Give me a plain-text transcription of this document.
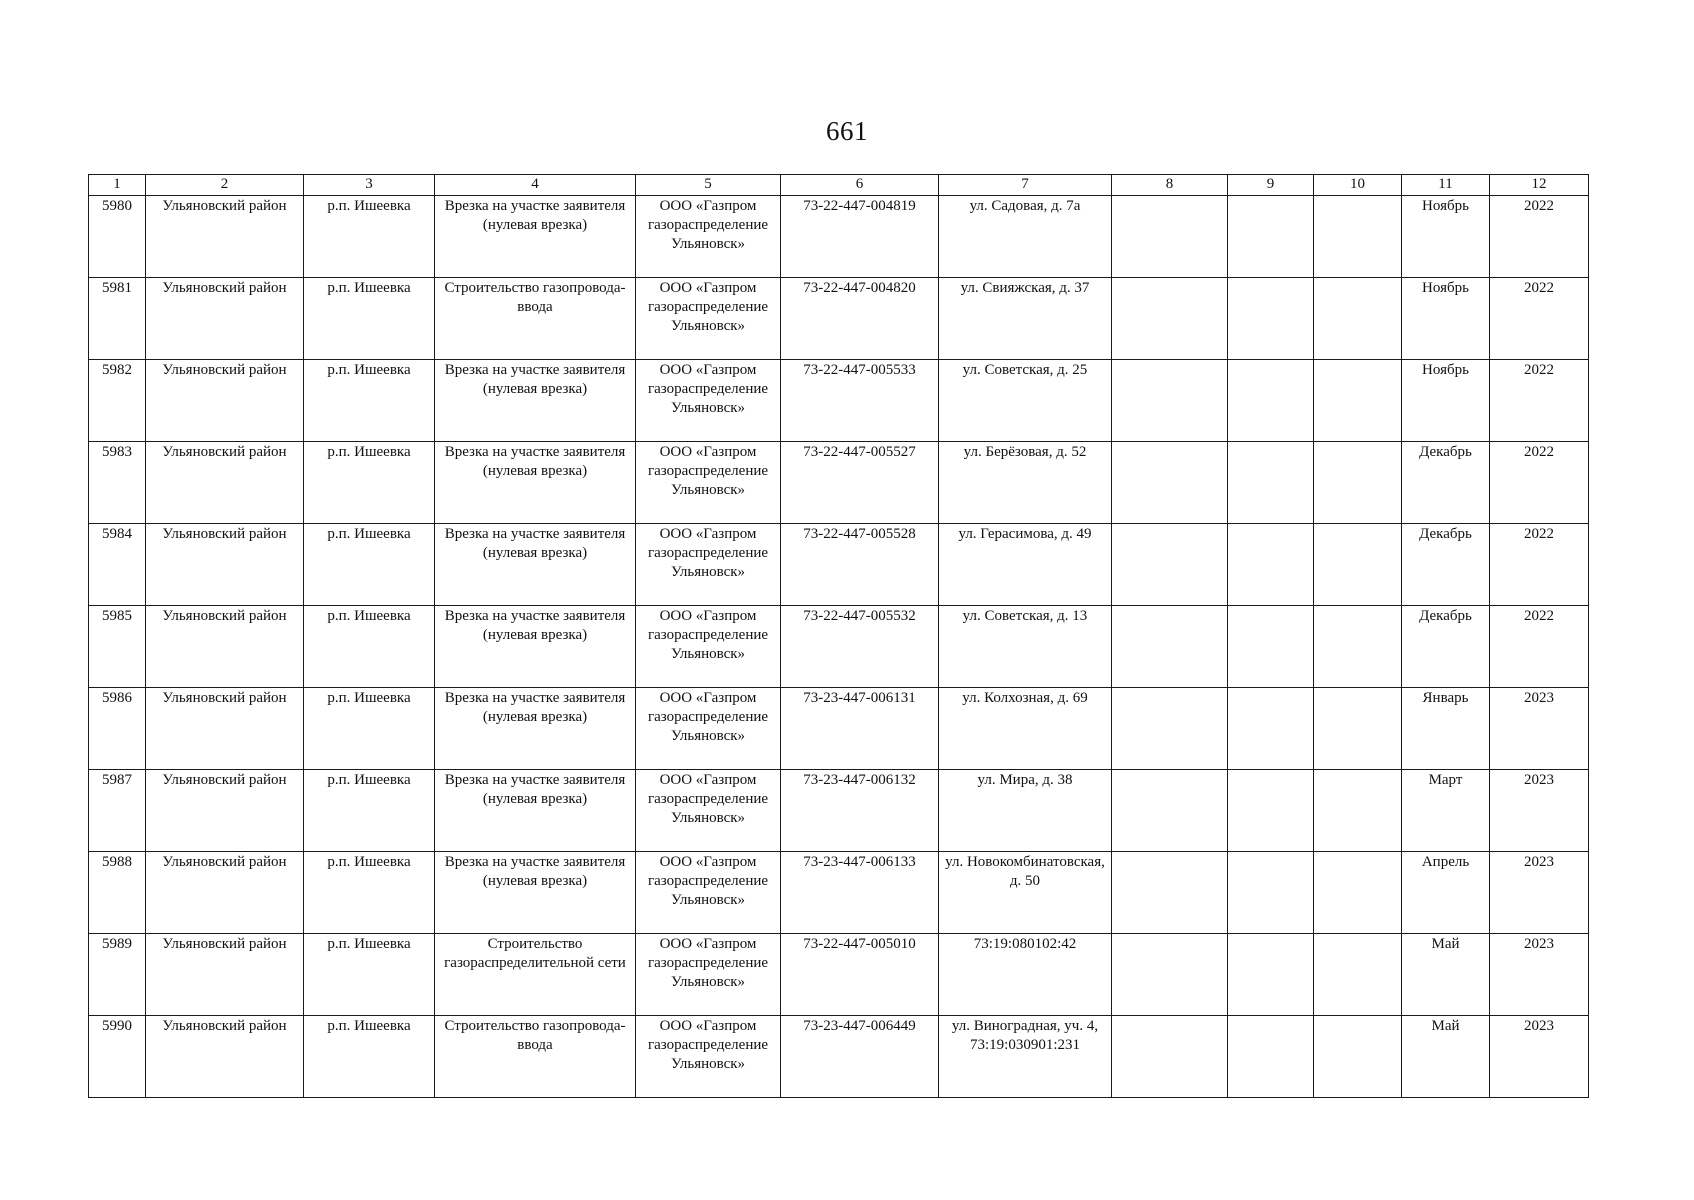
661
1	2	3	4	5	6	7	8	9	10	11	12
5980	Ульяновский район	р.п. Ишеевка	Врезка на участке заявителя (нулевая врезка)	ООО «Газпром газораспределение Ульяновск»	73-22-447-004819	ул. Садовая, д. 7а				Ноябрь	2022
5981	Ульяновский район	р.п. Ишеевка	Строительство газопровода-ввода	ООО «Газпром газораспределение Ульяновск»	73-22-447-004820	ул. Свияжская, д. 37				Ноябрь	2022
5982	Ульяновский район	р.п. Ишеевка	Врезка на участке заявителя (нулевая врезка)	ООО «Газпром газораспределение Ульяновск»	73-22-447-005533	ул. Советская, д. 25				Ноябрь	2022
5983	Ульяновский район	р.п. Ишеевка	Врезка на участке заявителя (нулевая врезка)	ООО «Газпром газораспределение Ульяновск»	73-22-447-005527	ул. Берёзовая, д. 52				Декабрь	2022
5984	Ульяновский район	р.п. Ишеевка	Врезка на участке заявителя (нулевая врезка)	ООО «Газпром газораспределение Ульяновск»	73-22-447-005528	ул. Герасимова, д. 49				Декабрь	2022
5985	Ульяновский район	р.п. Ишеевка	Врезка на участке заявителя (нулевая врезка)	ООО «Газпром газораспределение Ульяновск»	73-22-447-005532	ул. Советская, д. 13				Декабрь	2022
5986	Ульяновский район	р.п. Ишеевка	Врезка на участке заявителя (нулевая врезка)	ООО «Газпром газораспределение Ульяновск»	73-23-447-006131	ул. Колхозная, д. 69				Январь	2023
5987	Ульяновский район	р.п. Ишеевка	Врезка на участке заявителя (нулевая врезка)	ООО «Газпром газораспределение Ульяновск»	73-23-447-006132	ул. Мира, д. 38				Март	2023
5988	Ульяновский район	р.п. Ишеевка	Врезка на участке заявителя (нулевая врезка)	ООО «Газпром газораспределение Ульяновск»	73-23-447-006133	ул. Новокомбинатовская, д. 50				Апрель	2023
5989	Ульяновский район	р.п. Ишеевка	Строительство газораспределительной сети	ООО «Газпром газораспределение Ульяновск»	73-22-447-005010	73:19:080102:42				Май	2023
5990	Ульяновский район	р.п. Ишеевка	Строительство газопровода-ввода	ООО «Газпром газораспределение Ульяновск»	73-23-447-006449	ул. Виноградная, уч. 4, 73:19:030901:231				Май	2023
